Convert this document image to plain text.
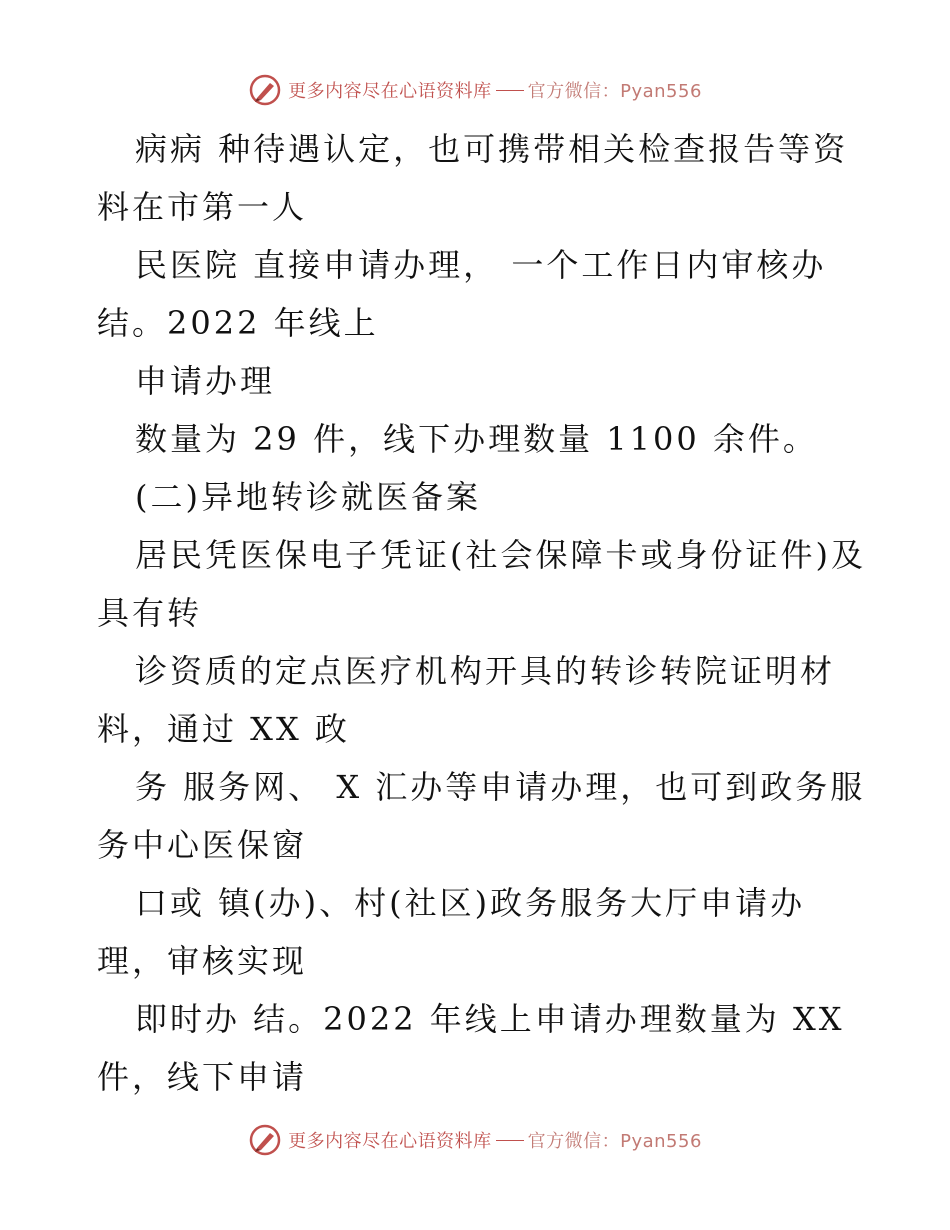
更多内容尽在心语资料库 官方微信：Pyan556
病病 种待遇认定，也可携带相关检查报告等资
料在市第一人
民医院 直接申请办理， 一个工作日内审核办
结。2022 年线上
申请办理
数量为 29 件，线下办理数量 1100 余件。
(二)异地转诊就医备案
居民凭医保电子凭证(社会保障卡或身份证件)及
具有转
诊资质的定点医疗机构开具的转诊转院证明材
料，通过 XX 政
务 服务网、 X 汇办等申请办理，也可到政务服
务中心医保窗
口或 镇(办)、村(社区)政务服务大厅申请办
理，审核实现
即时办 结。2022 年线上申请办理数量为 XX
件，线下申请
更多内容尽在心语资料库 官方微信：Pyan556
